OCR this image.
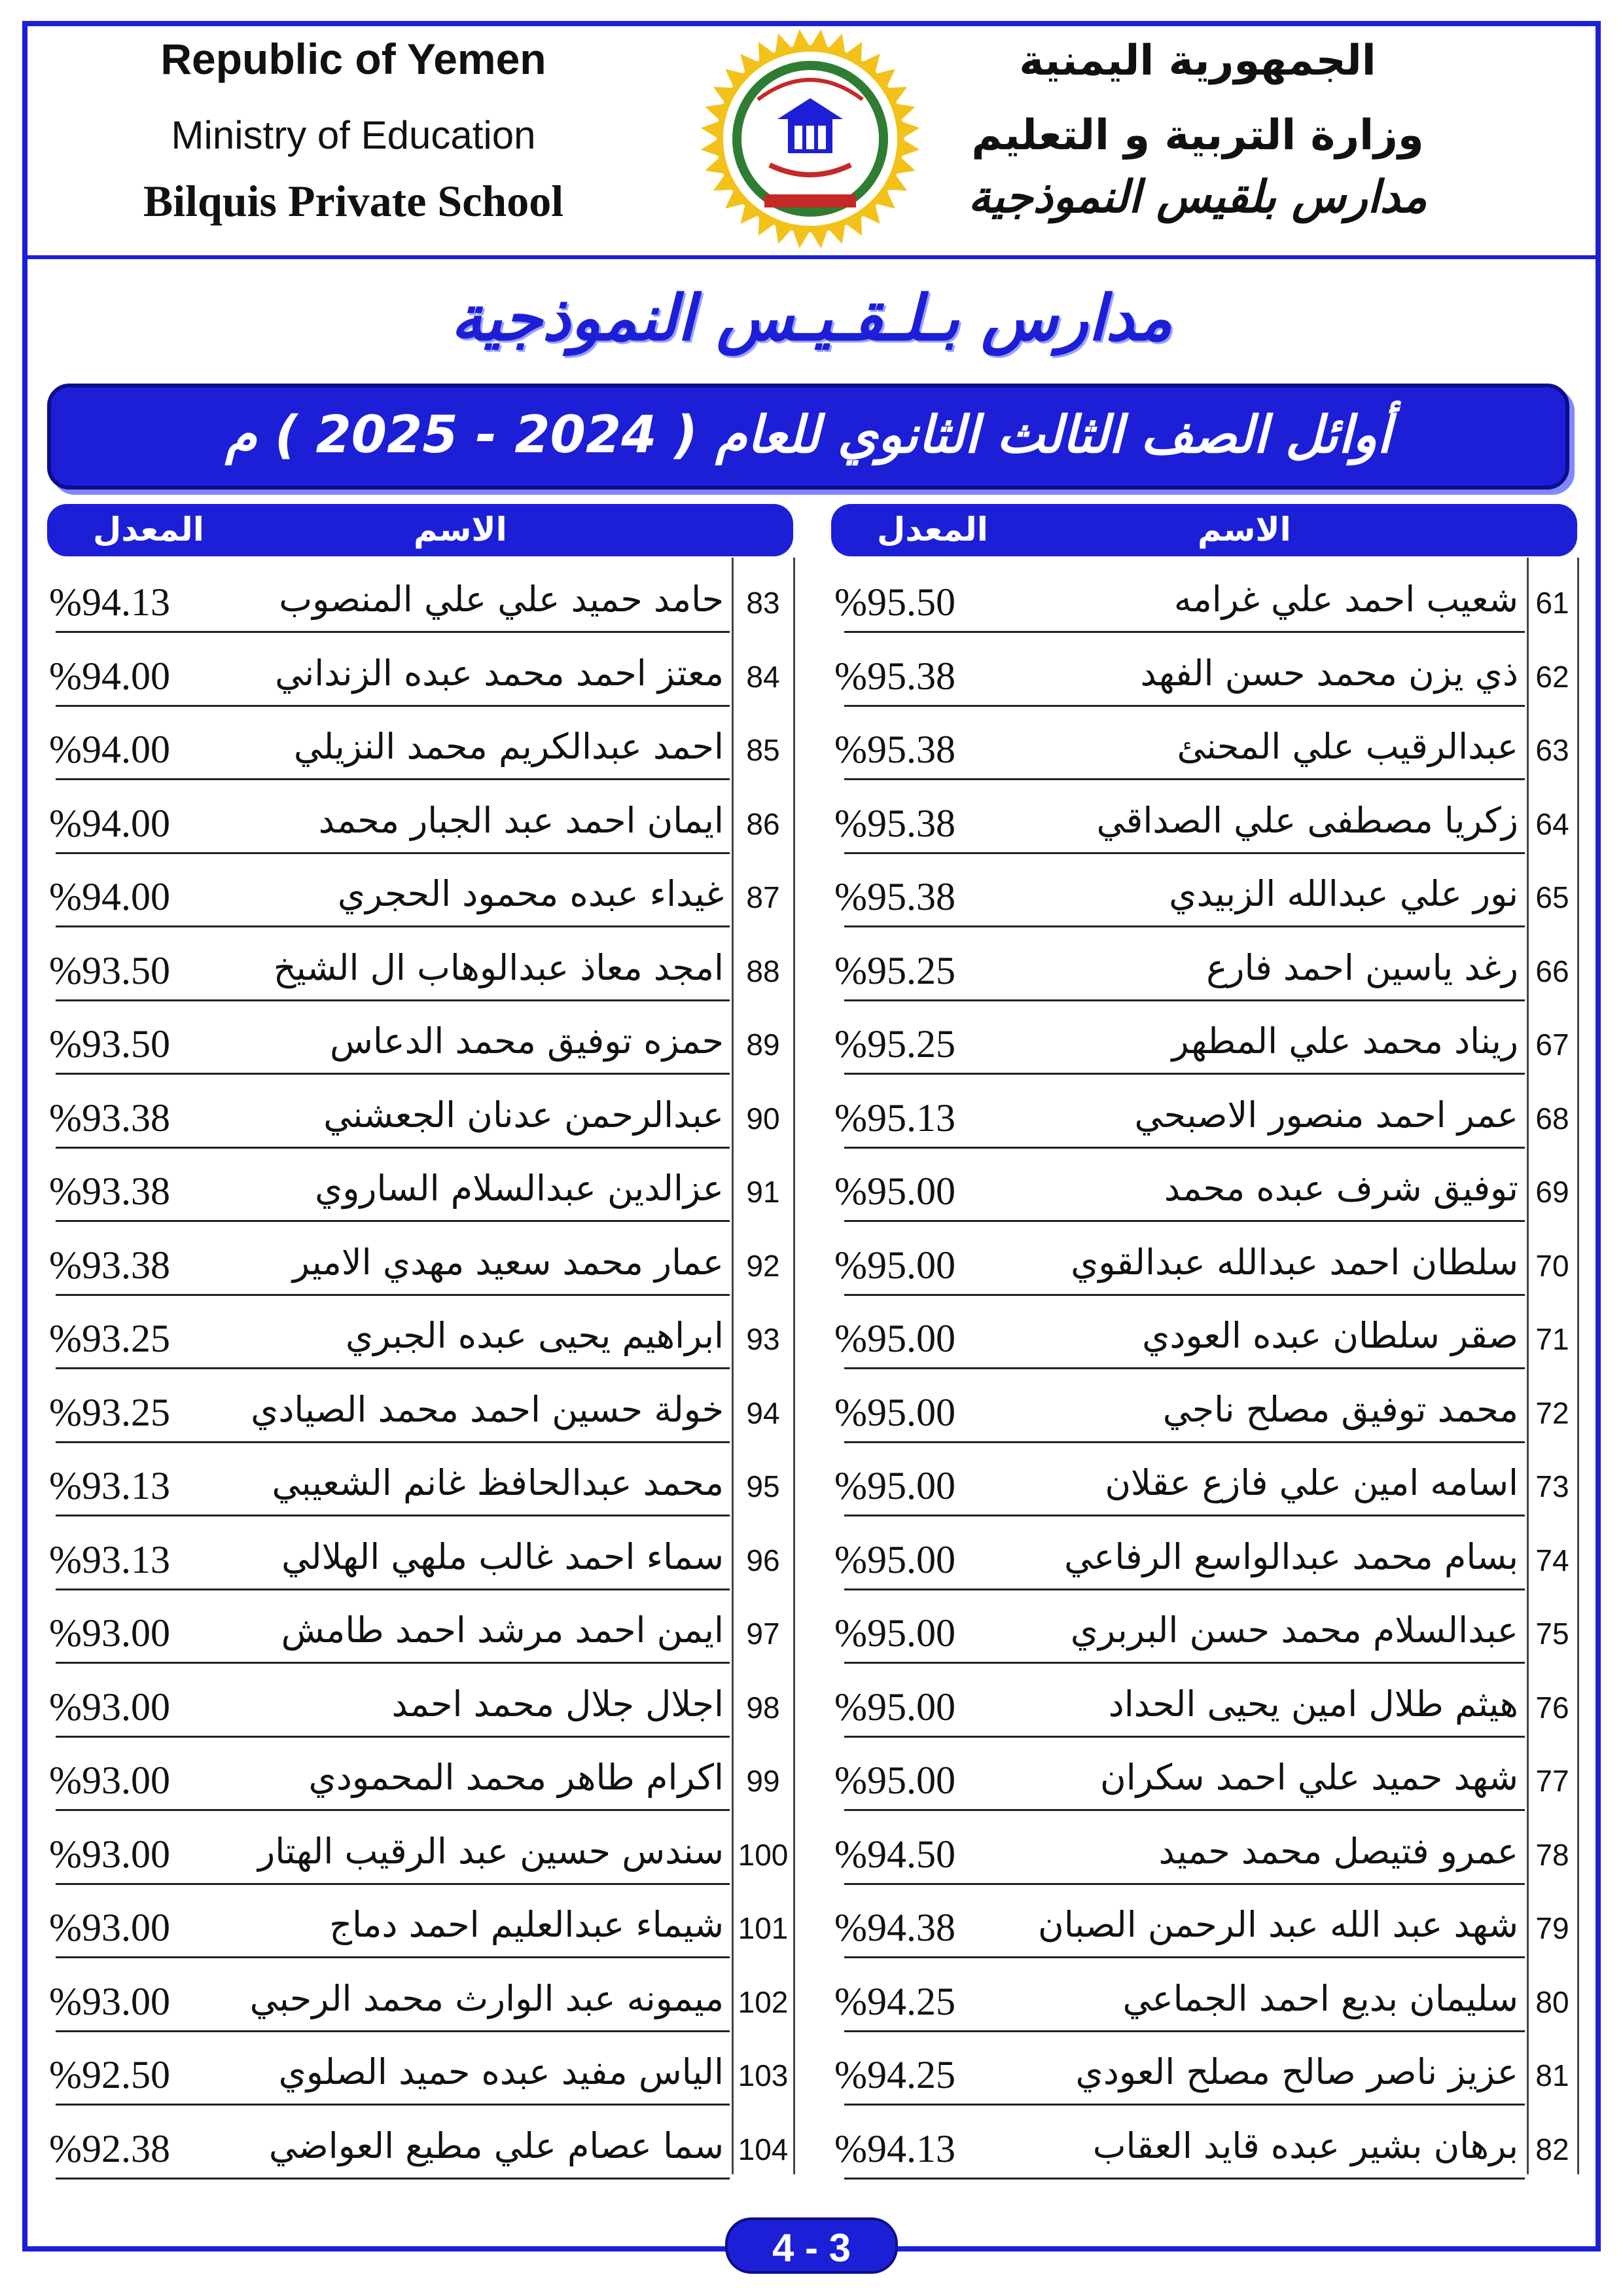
Republic of Yemen
Ministry of Education
Bilquis Private School
الجمهورية اليمنية
وزارة التربية و التعليم
مدارس بلقيس النموذجية
مدارس بـلـقـيـس النموذجية
أوائل الصف الثالث الثانوي للعام ( 2024 - 2025 ) م
المعدل	الاسم
المعدل	الاسم
61
شعيب احمد علي غرامه
%95.50
62
ذي يزن محمد حسن الفهد
%95.38
63
عبدالرقيب علي المحنئ
%95.38
64
زكريا مصطفى علي الصداقي
%95.38
65
نور علي عبدالله الزبيدي
%95.38
66
رغد ياسين احمد فارع
%95.25
67
ريناد محمد علي المطهر
%95.25
68
عمر احمد منصور الاصبحي
%95.13
69
توفيق شرف عبده محمد
%95.00
70
سلطان احمد عبدالله عبدالقوي
%95.00
71
صقر سلطان عبده العودي
%95.00
72
محمد توفيق مصلح ناجي
%95.00
73
اسامه امين علي فازع عقلان
%95.00
74
بسام محمد عبدالواسع الرفاعي
%95.00
75
عبدالسلام محمد حسن البربري
%95.00
76
هيثم طلال امين يحيى الحداد
%95.00
77
شهد حميد علي احمد سكران
%95.00
78
عمرو فتيصل محمد حميد
%94.50
79
شهد عبد الله عبد الرحمن الصبان
%94.38
80
سليمان بديع احمد الجماعي
%94.25
81
عزيز ناصر صالح مصلح العودي
%94.25
82
برهان بشير عبده قايد العقاب
%94.13
83
حامد حميد علي علي المنصوب
%94.13
84
معتز احمد محمد عبده الزنداني
%94.00
85
احمد عبدالكريم محمد النزيلي
%94.00
86
ايمان احمد عبد الجبار محمد
%94.00
87
غيداء عبده محمود الحجري
%94.00
88
امجد معاذ عبدالوهاب ال الشيخ
%93.50
89
حمزه توفيق محمد الدعاس
%93.50
90
عبدالرحمن عدنان الجعشني
%93.38
91
عزالدين عبدالسلام الساروي
%93.38
92
عمار محمد سعيد مهدي الامير
%93.38
93
ابراهيم يحيى عبده الجبري
%93.25
94
خولة حسين احمد محمد الصيادي
%93.25
95
محمد عبدالحافظ غانم الشعيبي
%93.13
96
سماء احمد غالب ملهي الهلالي
%93.13
97
ايمن احمد مرشد احمد طامش
%93.00
98
اجلال جلال محمد احمد
%93.00
99
اكرام طاهر محمد المحمودي
%93.00
100
سندس حسين عبد الرقيب الهتار
%93.00
101
شيماء عبدالعليم احمد دماج
%93.00
102
ميمونه عبد الوارث محمد الرحبي
%93.00
103
الياس مفيد عبده حميد الصلوي
%92.50
104
سما عصام علي مطيع العواضي
%92.38
4 - 3
